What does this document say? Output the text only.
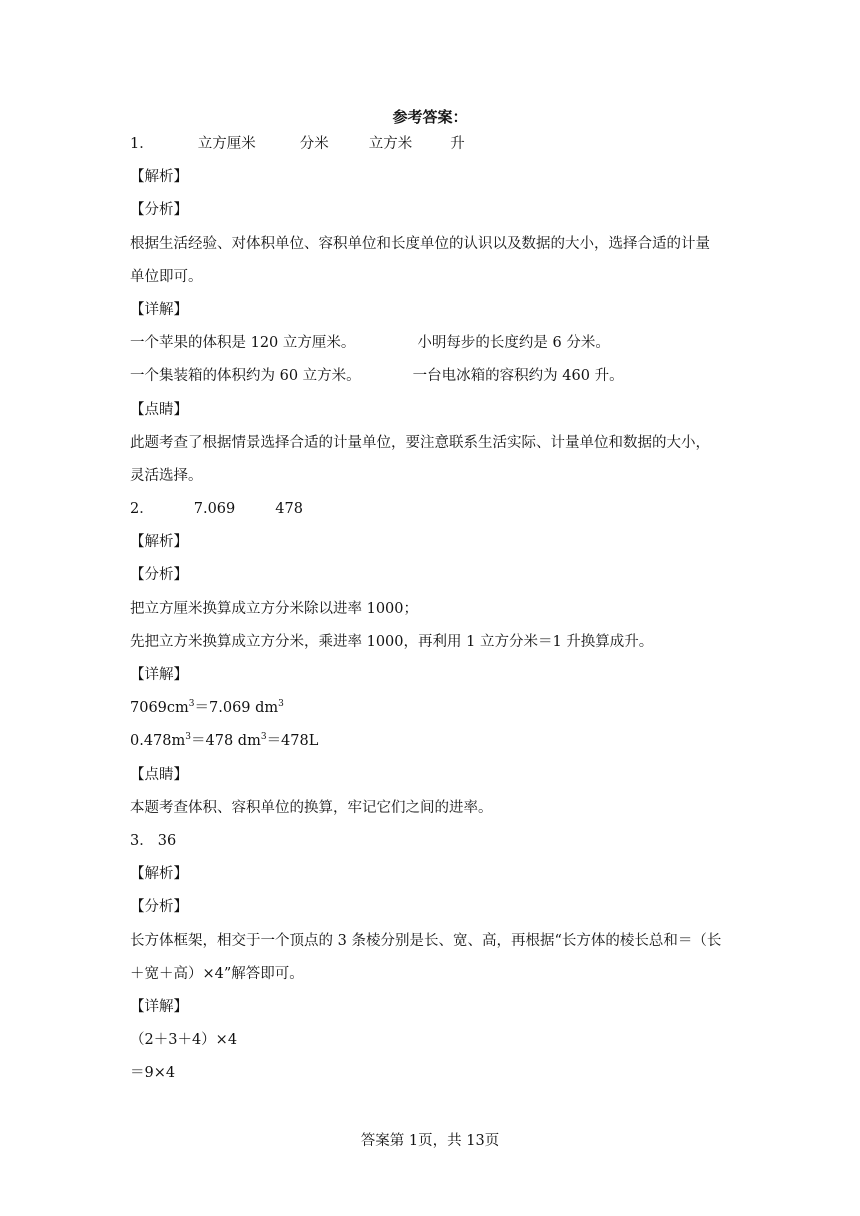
参考答案：
1．	立方厘米	分米	立方米	升
【解析】
【分析】
根据生活经验、对体积单位、容积单位和长度单位的认识以及数据的大小，选择合适的计量
单位即可。
【详解】
一个苹果的体积是 120 立方厘米。	小明每步的长度约是 6 分米。
一个集装箱的体积约为 60 立方米。	一台电冰箱的容积约为 460 升。
【点睛】
此题考查了根据情景选择合适的计量单位，要注意联系生活实际、计量单位和数据的大小，
灵活选择。
2．	7.069	478
【解析】
【分析】
把立方厘米换算成立方分米除以进率 1000；
先把立方米换算成立方分米，乘进率 1000，再利用 1 立方分米＝1 升换算成升。
【详解】
$7069cm^3=7.069$ $dm^3$
$0.478m^3=478$ $dm^3=478L$
【点睛】
本题考查体积、容积单位的换算，牢记它们之间的进率。
3． 36
【解析】
【分析】
长方体框架，相交于一个顶点的 3 条棱分别是长、宽、高，再根据“长方体的棱长总和＝（长
＋宽＋高）×4”解答即可。
【详解】
（2＋3＋4）×4
＝9×4
答案第 1页，共 13页
